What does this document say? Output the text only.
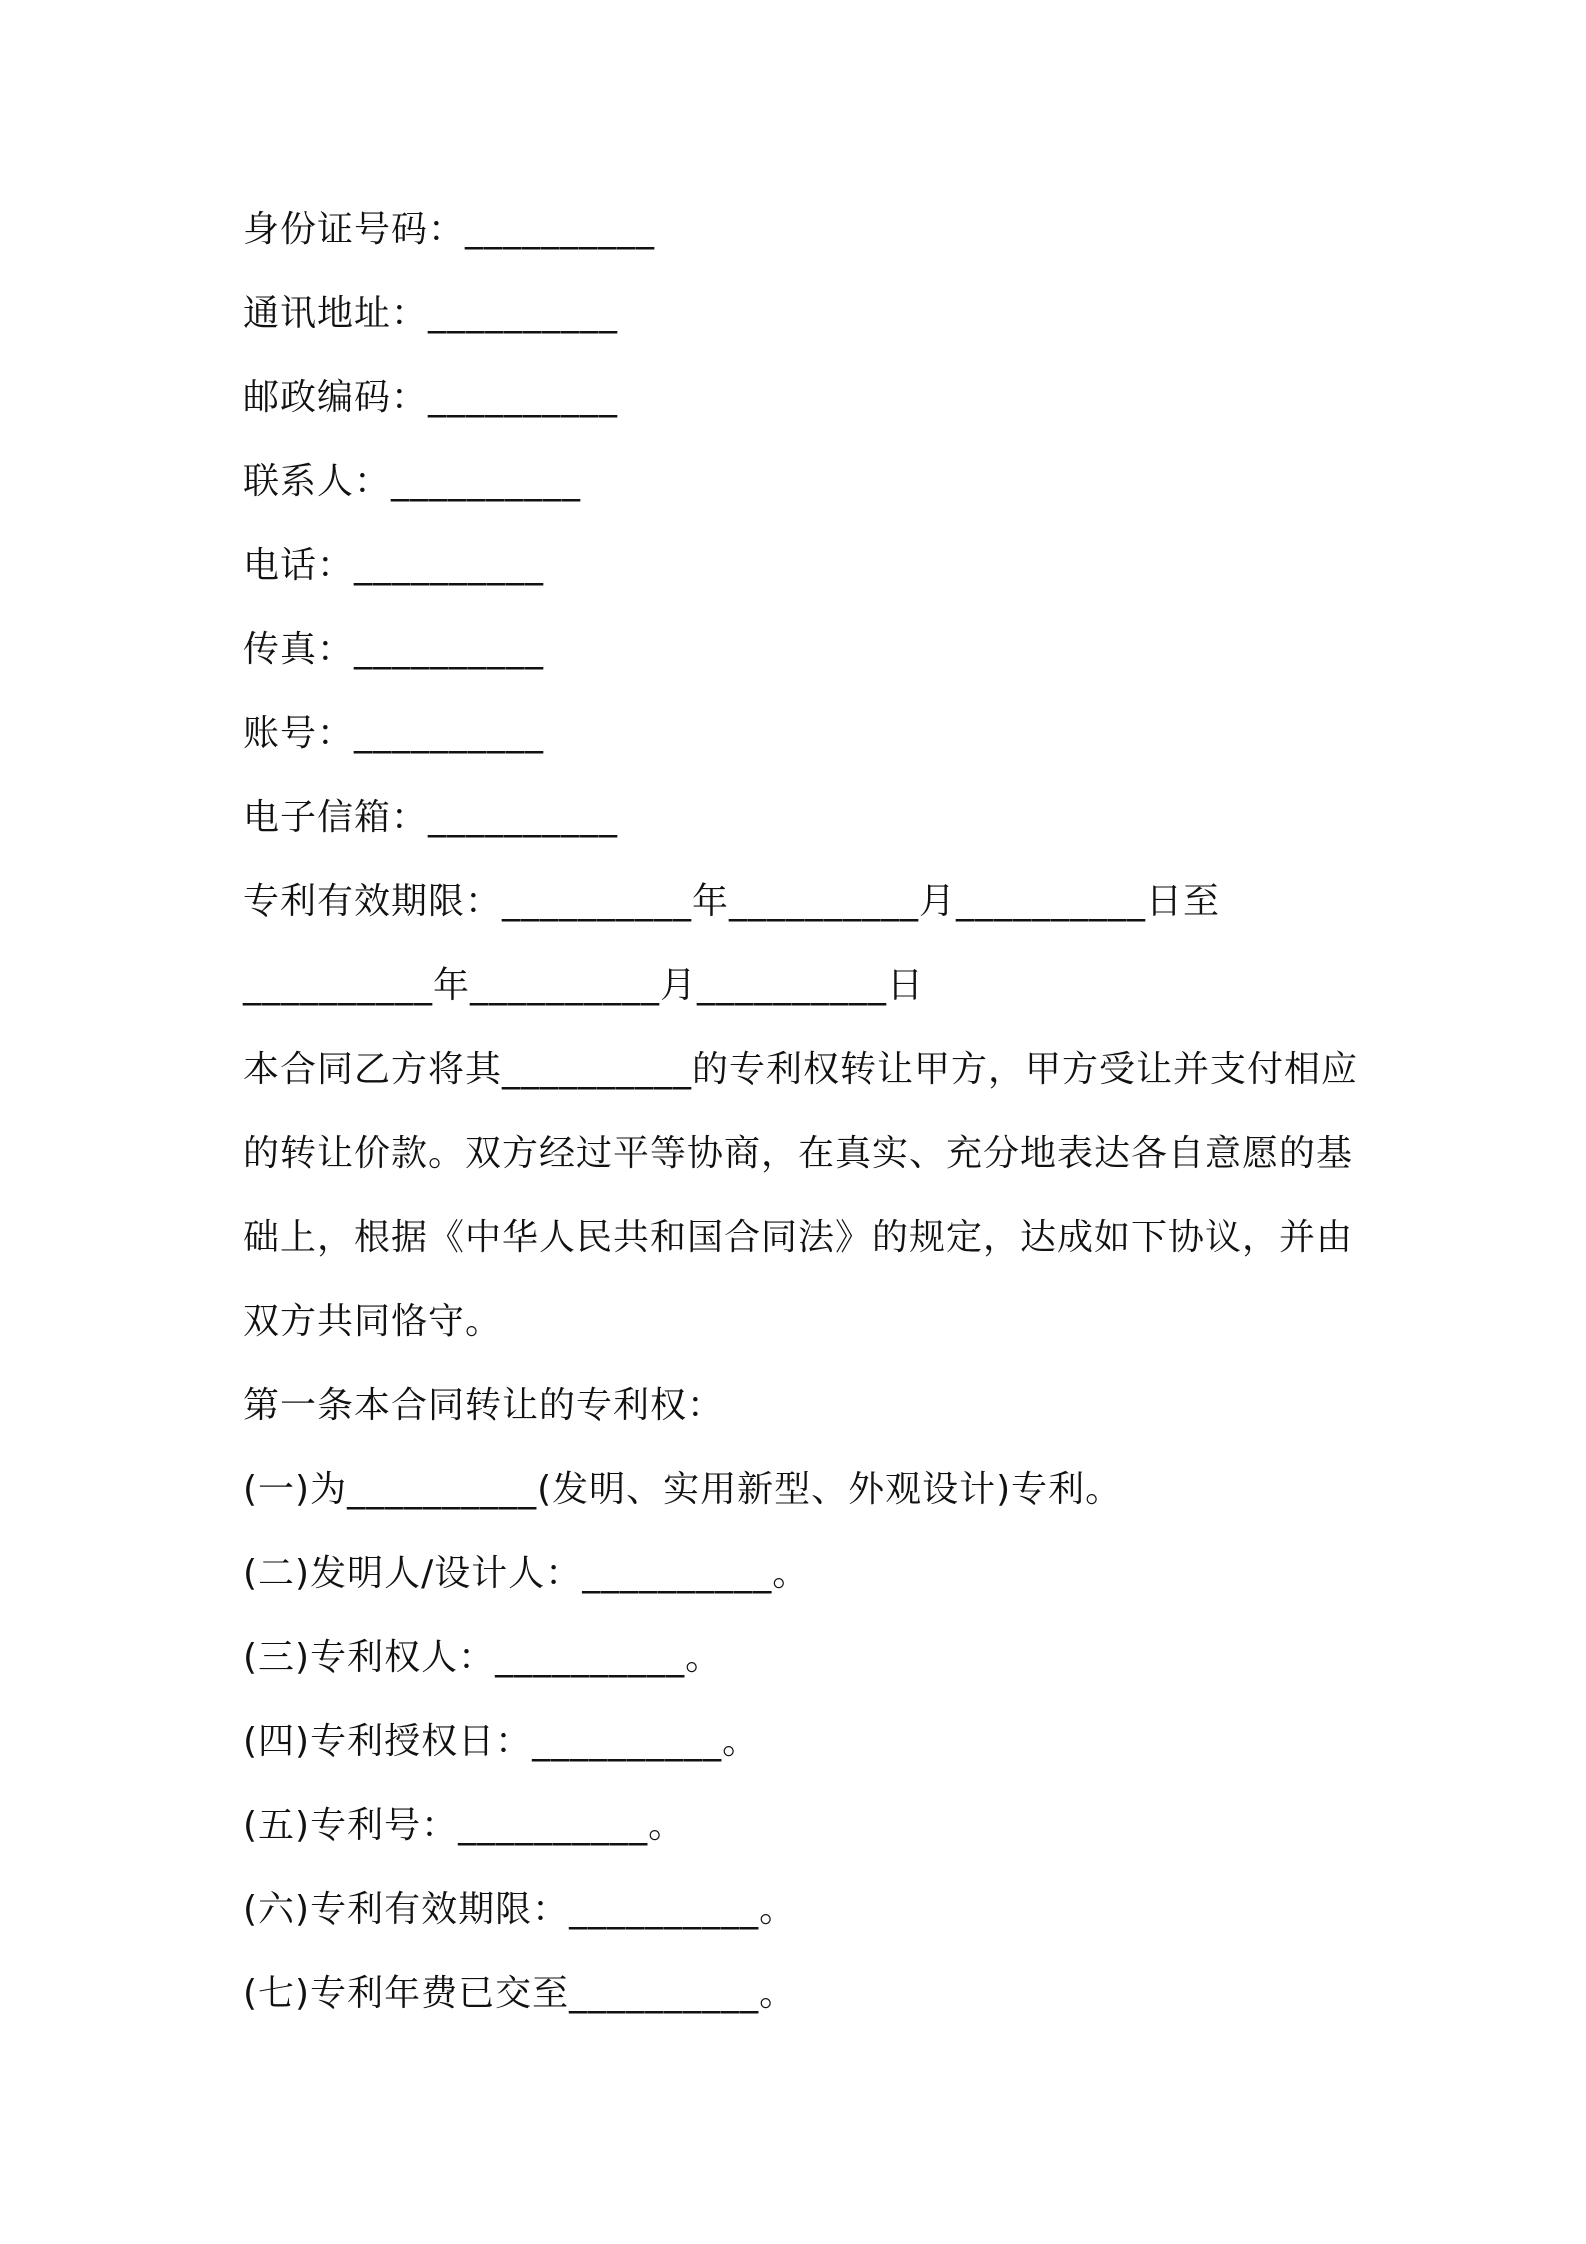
身份证号码：__________
通讯地址：__________
邮政编码：__________
联系人：__________
电话：__________
传真：__________
账号：__________
电子信箱：__________
专利有效期限：__________年__________月__________日至
__________年__________月__________日
本合同乙方将其__________的专利权转让甲方，甲方受让并支付相应
的转让价款。双方经过平等协商，在真实、充分地表达各自意愿的基
础上，根据《中华人民共和国合同法》的规定，达成如下协议，并由
双方共同恪守。
第一条本合同转让的专利权：
(一)为__________(发明、实用新型、外观设计)专利。
(二)发明人/设计人：__________。
(三)专利权人：__________。
(四)专利授权日：__________。
(五)专利号：__________。
(六)专利有效期限：__________。
(七)专利年费已交至__________。
